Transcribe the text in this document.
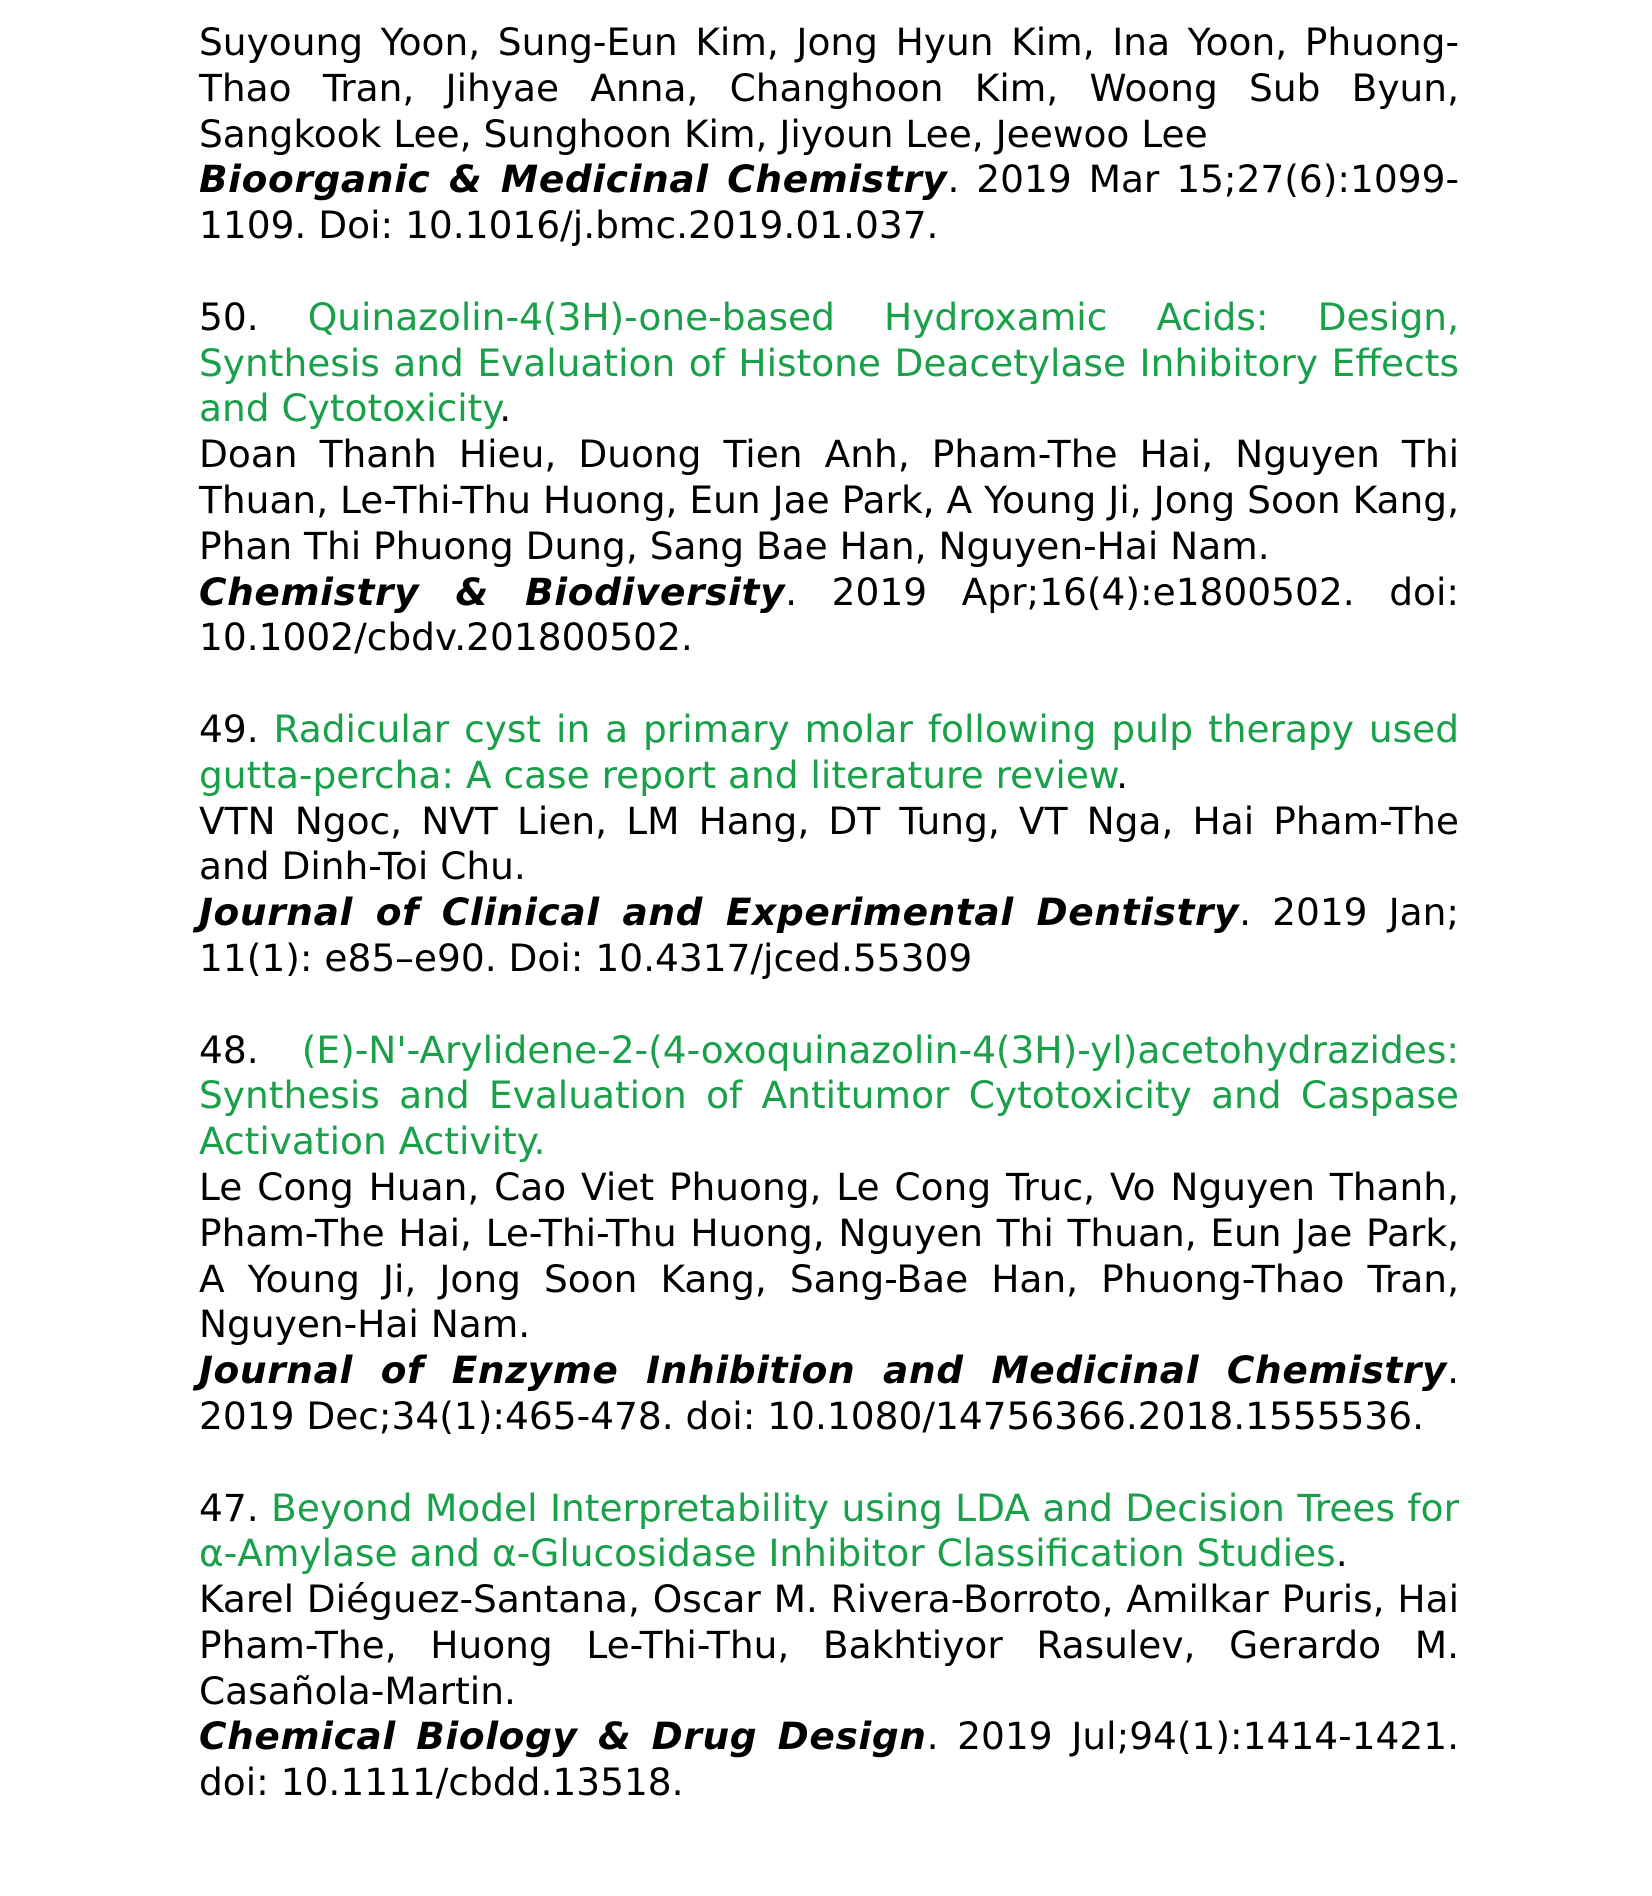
Suyoung Yoon, Sung-Eun Kim, Jong Hyun Kim, Ina Yoon, Phuong-Thao Tran, Jihyae Anna, Changhoon Kim, Woong Sub Byun, Sangkook Lee, Sunghoon Kim, Jiyoun Lee, Jeewoo Lee

Bioorganic & Medicinal Chemistry. 2019 Mar 15;27(6):1099-1109. Doi: 10.1016/j.bmc.2019.01.037.

50. Quinazolin-4(3H)-one-based Hydroxamic Acids: Design, Synthesis and Evaluation of Histone Deacetylase Inhibitory Effects and Cytotoxicity.

Doan Thanh Hieu, Duong Tien Anh, Pham-The Hai, Nguyen Thi Thuan, Le-Thi-Thu Huong, Eun Jae Park, A Young Ji, Jong Soon Kang, Phan Thi Phuong Dung, Sang Bae Han, Nguyen-Hai Nam.

Chemistry & Biodiversity. 2019 Apr;16(4):e1800502. doi: 10.1002/cbdv.201800502.

49. Radicular cyst in a primary molar following pulp therapy used gutta-percha: A case report and literature review.

VTN Ngoc, NVT Lien, LM Hang, DT Tung, VT Nga, Hai Pham-The and Dinh-Toi Chu.

Journal of Clinical and Experimental Dentistry. 2019 Jan; 11(1): e85–e90. Doi: 10.4317/jced.55309

48. (E)-N'-Arylidene-2-(4-oxoquinazolin-4(3H)-yl)acetohydrazides: Synthesis and Evaluation of Antitumor Cytotoxicity and Caspase Activation Activity.

Le Cong Huan, Cao Viet Phuong, Le Cong Truc, Vo Nguyen Thanh, Pham-The Hai, Le-Thi-Thu Huong, Nguyen Thi Thuan, Eun Jae Park, A Young Ji, Jong Soon Kang, Sang-Bae Han, Phuong-Thao Tran, Nguyen-Hai Nam.

Journal of Enzyme Inhibition and Medicinal Chemistry. 2019 Dec;34(1):465-478. doi: 10.1080/14756366.2018.1555536.

47. Beyond Model Interpretability using LDA and Decision Trees for α-Amylase and α-Glucosidase Inhibitor Classification Studies.

Karel Diéguez-Santana, Oscar M. Rivera-Borroto, Amilkar Puris, Hai Pham-The, Huong Le-Thi-Thu, Bakhtiyor Rasulev, Gerardo M. Casañola-Martin.

Chemical Biology & Drug Design. 2019 Jul;94(1):1414-1421. doi: 10.1111/cbdd.13518.
